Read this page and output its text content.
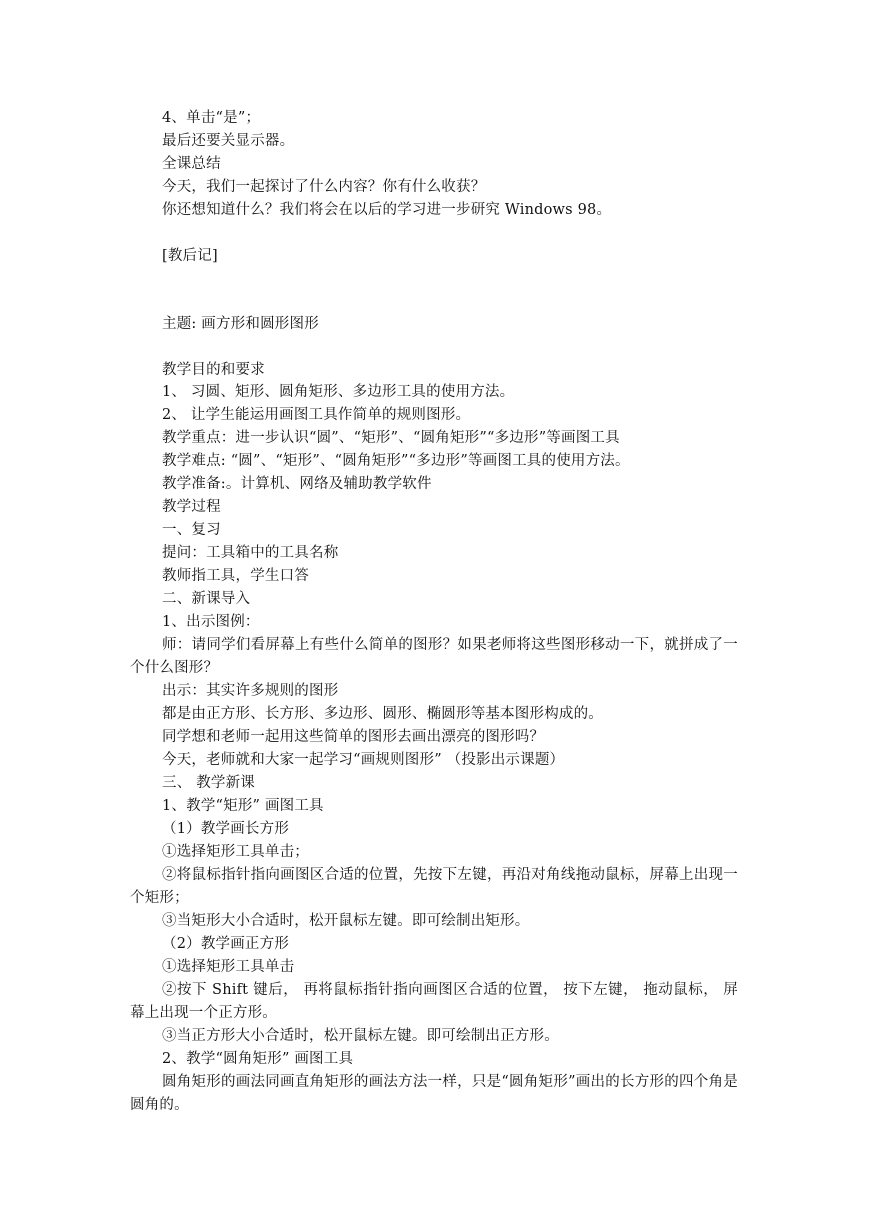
4、单击“是”；
最后还要关显示器。
全课总结
今天，我们一起探讨了什么内容？你有什么收获？
你还想知道什么？我们将会在以后的学习进一步研究 Windows 98。
[教后记]
主题: 画方形和圆形图形
教学目的和要求
1、 习圆、矩形、圆角矩形、多边形工具的使用方法。
2、 让学生能运用画图工具作简单的规则图形。
教学重点：进一步认识“圆”、“矩形”、“圆角矩形”“多边形”等画图工具
教学难点: “圆”、“矩形”、“圆角矩形”“多边形”等画图工具的使用方法。
教学准备:。计算机、网络及辅助教学软件
教学过程
一、复习
提问：工具箱中的工具名称
教师指工具，学生口答
二、新课导入
1、出示图例：
师：请同学们看屏幕上有些什么简单的图形？如果老师将这些图形移动一下，就拼成了一个什么图形？
出示：其实许多规则的图形
都是由正方形、长方形、多边形、圆形、椭圆形等基本图形构成的。
同学想和老师一起用这些简单的图形去画出漂亮的图形吗？
今天，老师就和大家一起学习“画规则图形” （投影出示课题）
三、 教学新课
1、教学“矩形” 画图工具
（1）教学画长方形
①选择矩形工具单击；
②将鼠标指针指向画图区合适的位置，先按下左键，再沿对角线拖动鼠标，屏幕上出现一个矩形；
③当矩形大小合适时，松开鼠标左键。即可绘制出矩形。
（2）教学画正方形
①选择矩形工具单击
②按下 Shift 键后， 再将鼠标指针指向画图区合适的位置， 按下左键， 拖动鼠标， 屏幕上出现一个正方形。
③当正方形大小合适时，松开鼠标左键。即可绘制出正方形。
2、教学“圆角矩形” 画图工具
圆角矩形的画法同画直角矩形的画法方法一样，只是“圆角矩形”画出的长方形的四个角是圆角的。
